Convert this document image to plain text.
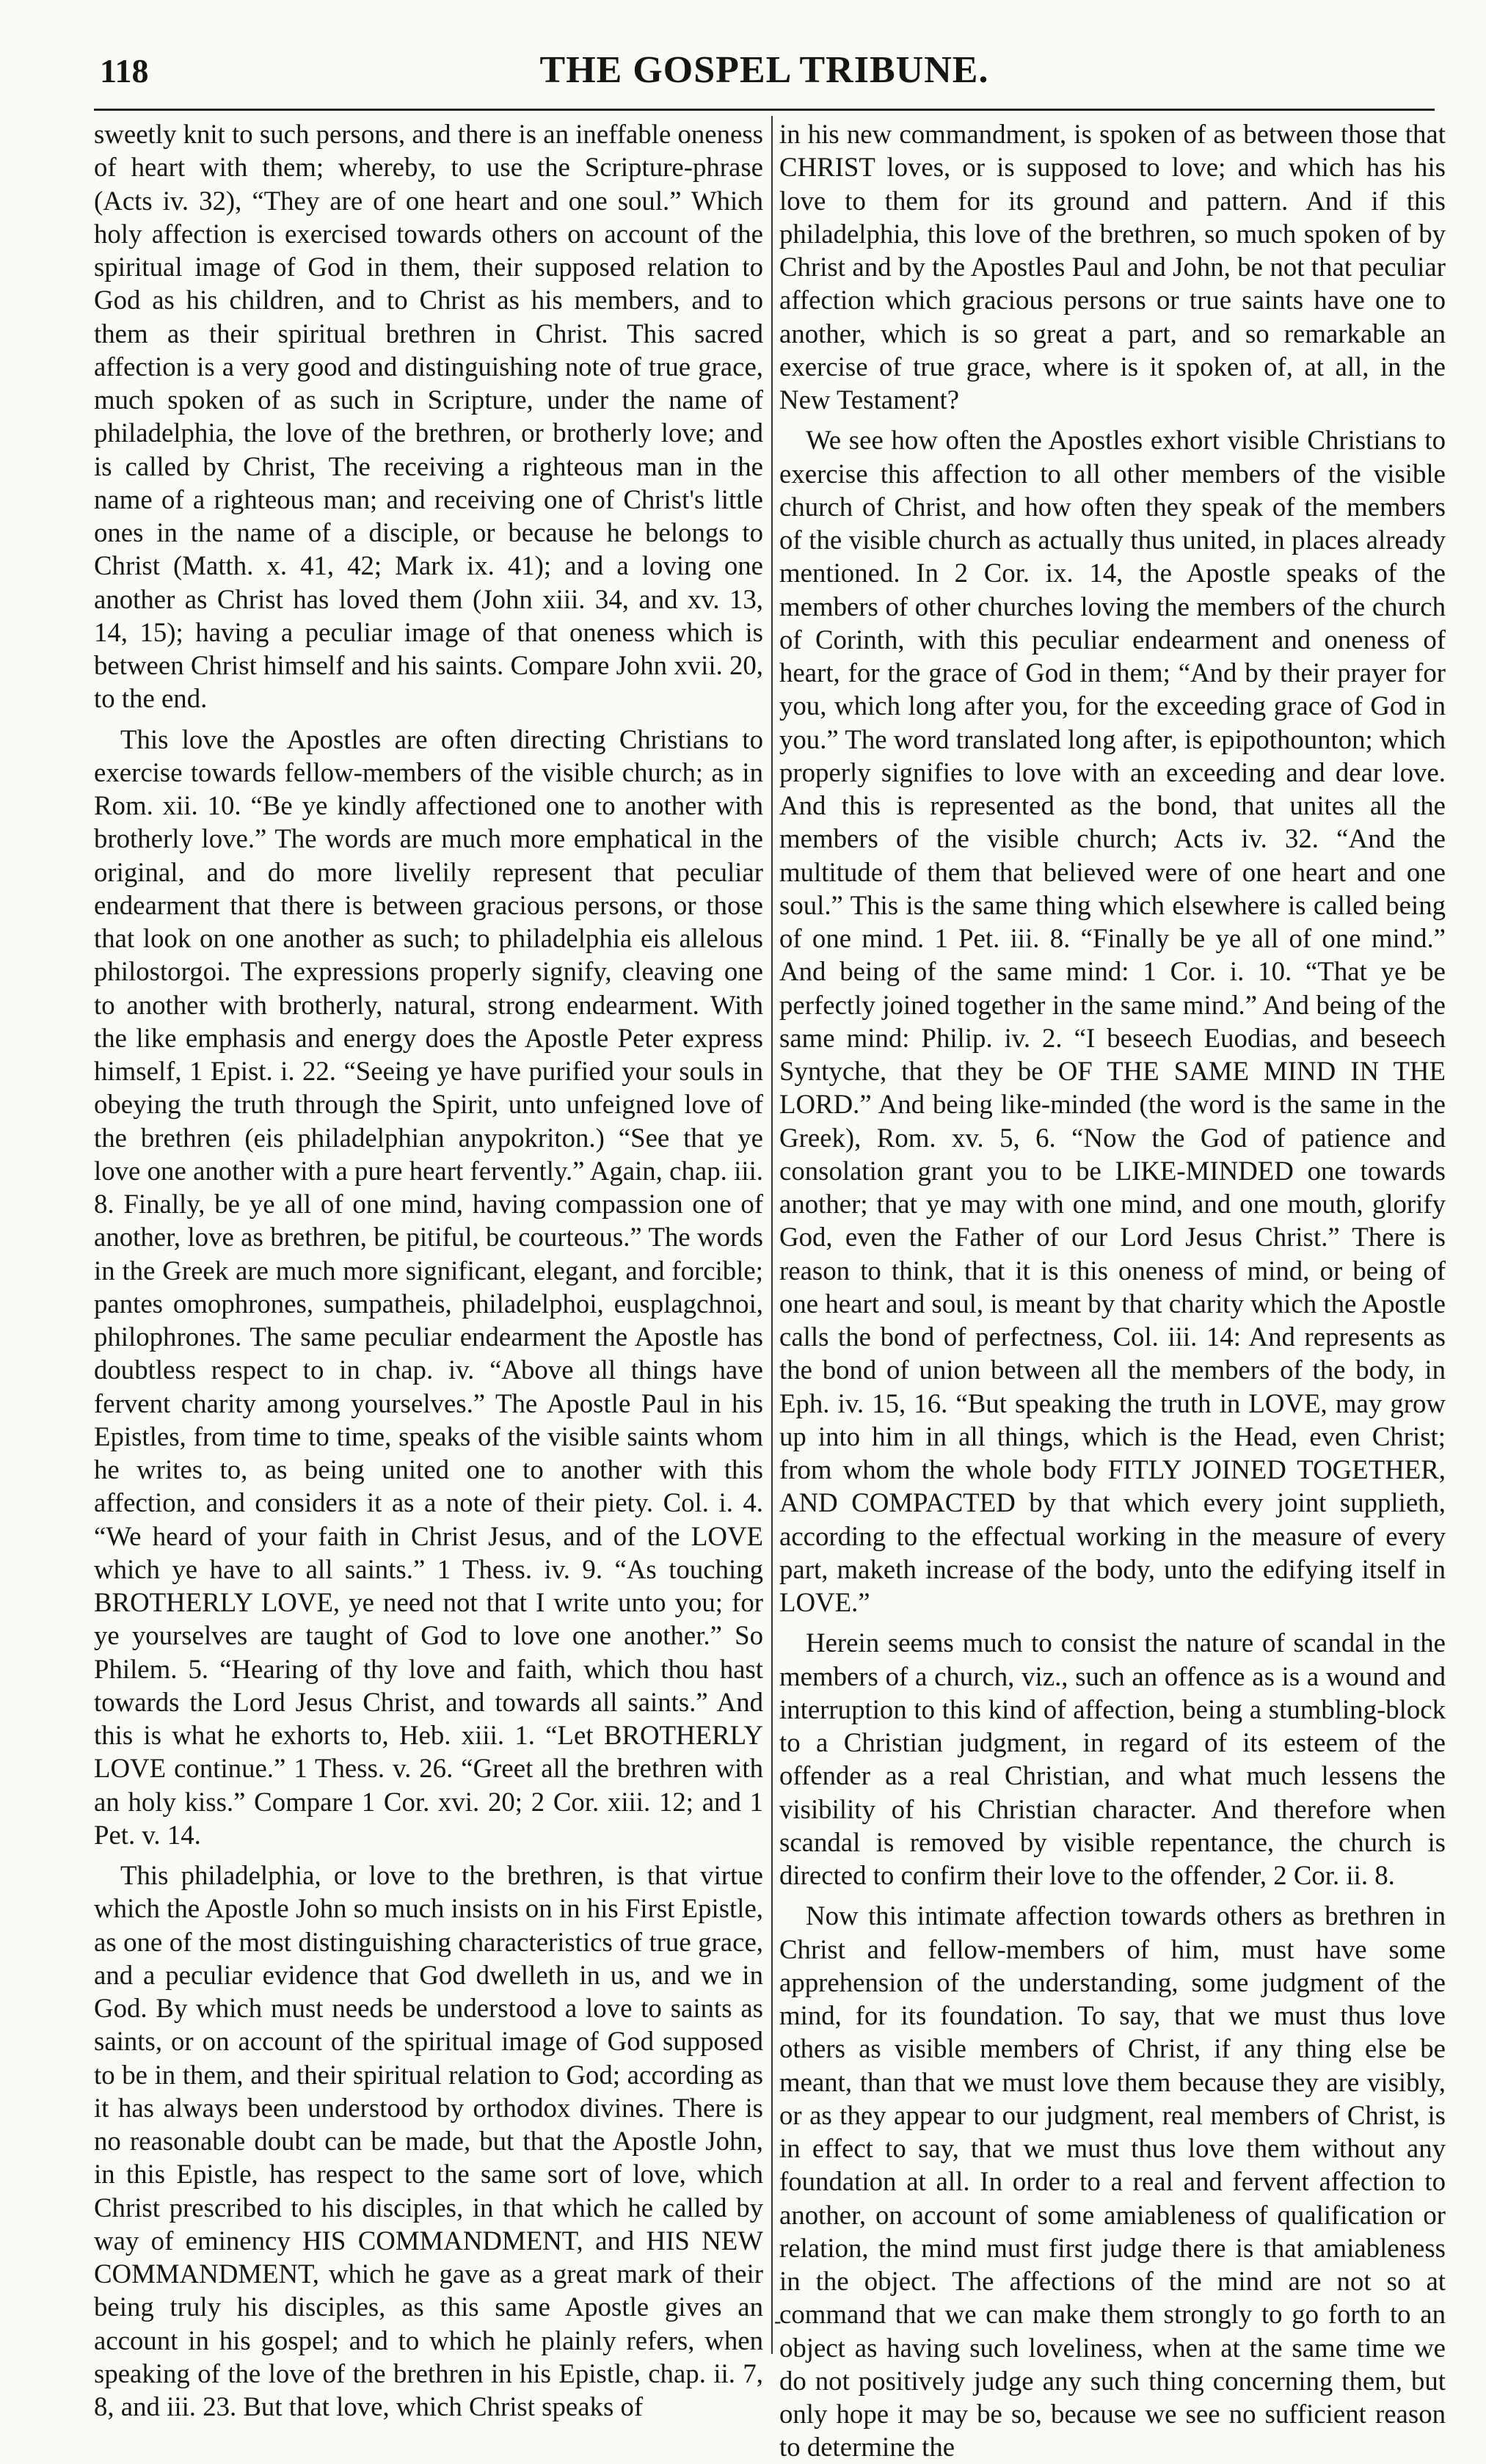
118	THE GOSPEL TRIBUNE.

sweetly knit to such persons, and there is an ineffable oneness of heart with them; whereby, to use the Scripture-phrase (Acts iv. 32), “They are of one heart and one soul.” Which holy affection is exercised towards others on account of the spiritual image of God in them, their supposed relation to God as his children, and to Christ as his members, and to them as their spiritual brethren in Christ. This sacred affection is a very good and distinguishing note of true grace, much spoken of as such in Scripture, under the name of philadelphia, the love of the brethren, or brotherly love; and is called by Christ, The receiving a righteous man in the name of a righteous man; and receiving one of Christ's little ones in the name of a disciple, or because he belongs to Christ (Matth. x. 41, 42; Mark ix. 41); and a loving one another as Christ has loved them (John xiii. 34, and xv. 13, 14, 15); having a peculiar image of that oneness which is between Christ himself and his saints. Compare John xvii. 20, to the end.

This love the Apostles are often directing Christians to exercise towards fellow-members of the visible church; as in Rom. xii. 10. “Be ye kindly affectioned one to another with brotherly love.” The words are much more emphatical in the original, and do more livelily represent that peculiar endearment that there is between gracious persons, or those that look on one another as such; to philadelphia eis allelous philostorgoi. The expressions properly signify, cleaving one to another with brotherly, natural, strong endearment. With the like emphasis and energy does the Apostle Peter express himself, 1 Epist. i. 22. “Seeing ye have purified your souls in obeying the truth through the Spirit, unto unfeigned love of the brethren (eis philadelphian anypokriton.) “See that ye love one another with a pure heart fervently.” Again, chap. iii. 8. Finally, be ye all of one mind, having compassion one of another, love as brethren, be pitiful, be courteous.” The words in the Greek are much more significant, elegant, and forcible; pantes omophrones, sumpatheis, philadelphoi, eusplagchnoi, philophrones. The same peculiar endearment the Apostle has doubtless respect to in chap. iv. “Above all things have fervent charity among yourselves.” The Apostle Paul in his Epistles, from time to time, speaks of the visible saints whom he writes to, as being united one to another with this affection, and considers it as a note of their piety. Col. i. 4. “We heard of your faith in Christ Jesus, and of the LOVE which ye have to all saints.” 1 Thess. iv. 9. “As touching BROTHERLY LOVE, ye need not that I write unto you; for ye yourselves are taught of God to love one another.” So Philem. 5. “Hearing of thy love and faith, which thou hast towards the Lord Jesus Christ, and towards all saints.” And this is what he exhorts to, Heb. xiii. 1. “Let BROTHERLY LOVE continue.” 1 Thess. v. 26. “Greet all the brethren with an holy kiss.” Compare 1 Cor. xvi. 20; 2 Cor. xiii. 12; and 1 Pet. v. 14.

This philadelphia, or love to the brethren, is that virtue which the Apostle John so much insists on in his First Epistle, as one of the most distinguishing characteristics of true grace, and a peculiar evidence that God dwelleth in us, and we in God. By which must needs be understood a love to saints as saints, or on account of the spiritual image of God supposed to be in them, and their spiritual relation to God; according as it has always been understood by orthodox divines. There is no reasonable doubt can be made, but that the Apostle John, in this Epistle, has respect to the same sort of love, which Christ prescribed to his disciples, in that which he called by way of eminency HIS COMMANDMENT, and HIS NEW COMMANDMENT, which he gave as a great mark of their being truly his disciples, as this same Apostle gives an account in his gospel; and to which he plainly refers, when speaking of the love of the brethren in his Epistle, chap. ii. 7, 8, and iii. 23. But that love, which Christ speaks of

in his new commandment, is spoken of as between those that CHRIST loves, or is supposed to love; and which has his love to them for its ground and pattern. And if this philadelphia, this love of the brethren, so much spoken of by Christ and by the Apostles Paul and John, be not that peculiar affection which gracious persons or true saints have one to another, which is so great a part, and so remarkable an exercise of true grace, where is it spoken of, at all, in the New Testament?

We see how often the Apostles exhort visible Christians to exercise this affection to all other members of the visible church of Christ, and how often they speak of the members of the visible church as actually thus united, in places already mentioned. In 2 Cor. ix. 14, the Apostle speaks of the members of other churches loving the members of the church of Corinth, with this peculiar endearment and oneness of heart, for the grace of God in them; “And by their prayer for you, which long after you, for the exceeding grace of God in you.” The word translated long after, is epipothounton; which properly signifies to love with an exceeding and dear love. And this is represented as the bond, that unites all the members of the visible church; Acts iv. 32. “And the multitude of them that believed were of one heart and one soul.” This is the same thing which elsewhere is called being of one mind. 1 Pet. iii. 8. “Finally be ye all of one mind.” And being of the same mind: 1 Cor. i. 10. “That ye be perfectly joined together in the same mind.” And being of the same mind: Philip. iv. 2. “I beseech Euodias, and beseech Syntyche, that they be OF THE SAME MIND IN THE LORD.” And being like-minded (the word is the same in the Greek), Rom. xv. 5, 6. “Now the God of patience and consolation grant you to be LIKE-MINDED one towards another; that ye may with one mind, and one mouth, glorify God, even the Father of our Lord Jesus Christ.” There is reason to think, that it is this oneness of mind, or being of one heart and soul, is meant by that charity which the Apostle calls the bond of perfectness, Col. iii. 14: And represents as the bond of union between all the members of the body, in Eph. iv. 15, 16. “But speaking the truth in LOVE, may grow up into him in all things, which is the Head, even Christ; from whom the whole body FITLY JOINED TOGETHER, AND COMPACTED by that which every joint supplieth, according to the effectual working in the measure of every part, maketh increase of the body, unto the edifying itself in LOVE.”

Herein seems much to consist the nature of scandal in the members of a church, viz., such an offence as is a wound and interruption to this kind of affection, being a stumbling-block to a Christian judgment, in regard of its esteem of the offender as a real Christian, and what much lessens the visibility of his Christian character. And therefore when scandal is removed by visible repentance, the church is directed to confirm their love to the offender, 2 Cor. ii. 8.

Now this intimate affection towards others as brethren in Christ and fellow-members of him, must have some apprehension of the understanding, some judgment of the mind, for its foundation. To say, that we must thus love others as visible members of Christ, if any thing else be meant, than that we must love them because they are visibly, or as they appear to our judgment, real members of Christ, is in effect to say, that we must thus love them without any foundation at all. In order to a real and fervent affection to another, on account of some amiableness of qualification or relation, the mind must first judge there is that amiableness in the object. The affections of the mind are not so at command that we can make them strongly to go forth to an object as having such loveliness, when at the same time we do not positively judge any such thing concerning them, but only hope it may be so, because we see no sufficient reason to determine the

-
